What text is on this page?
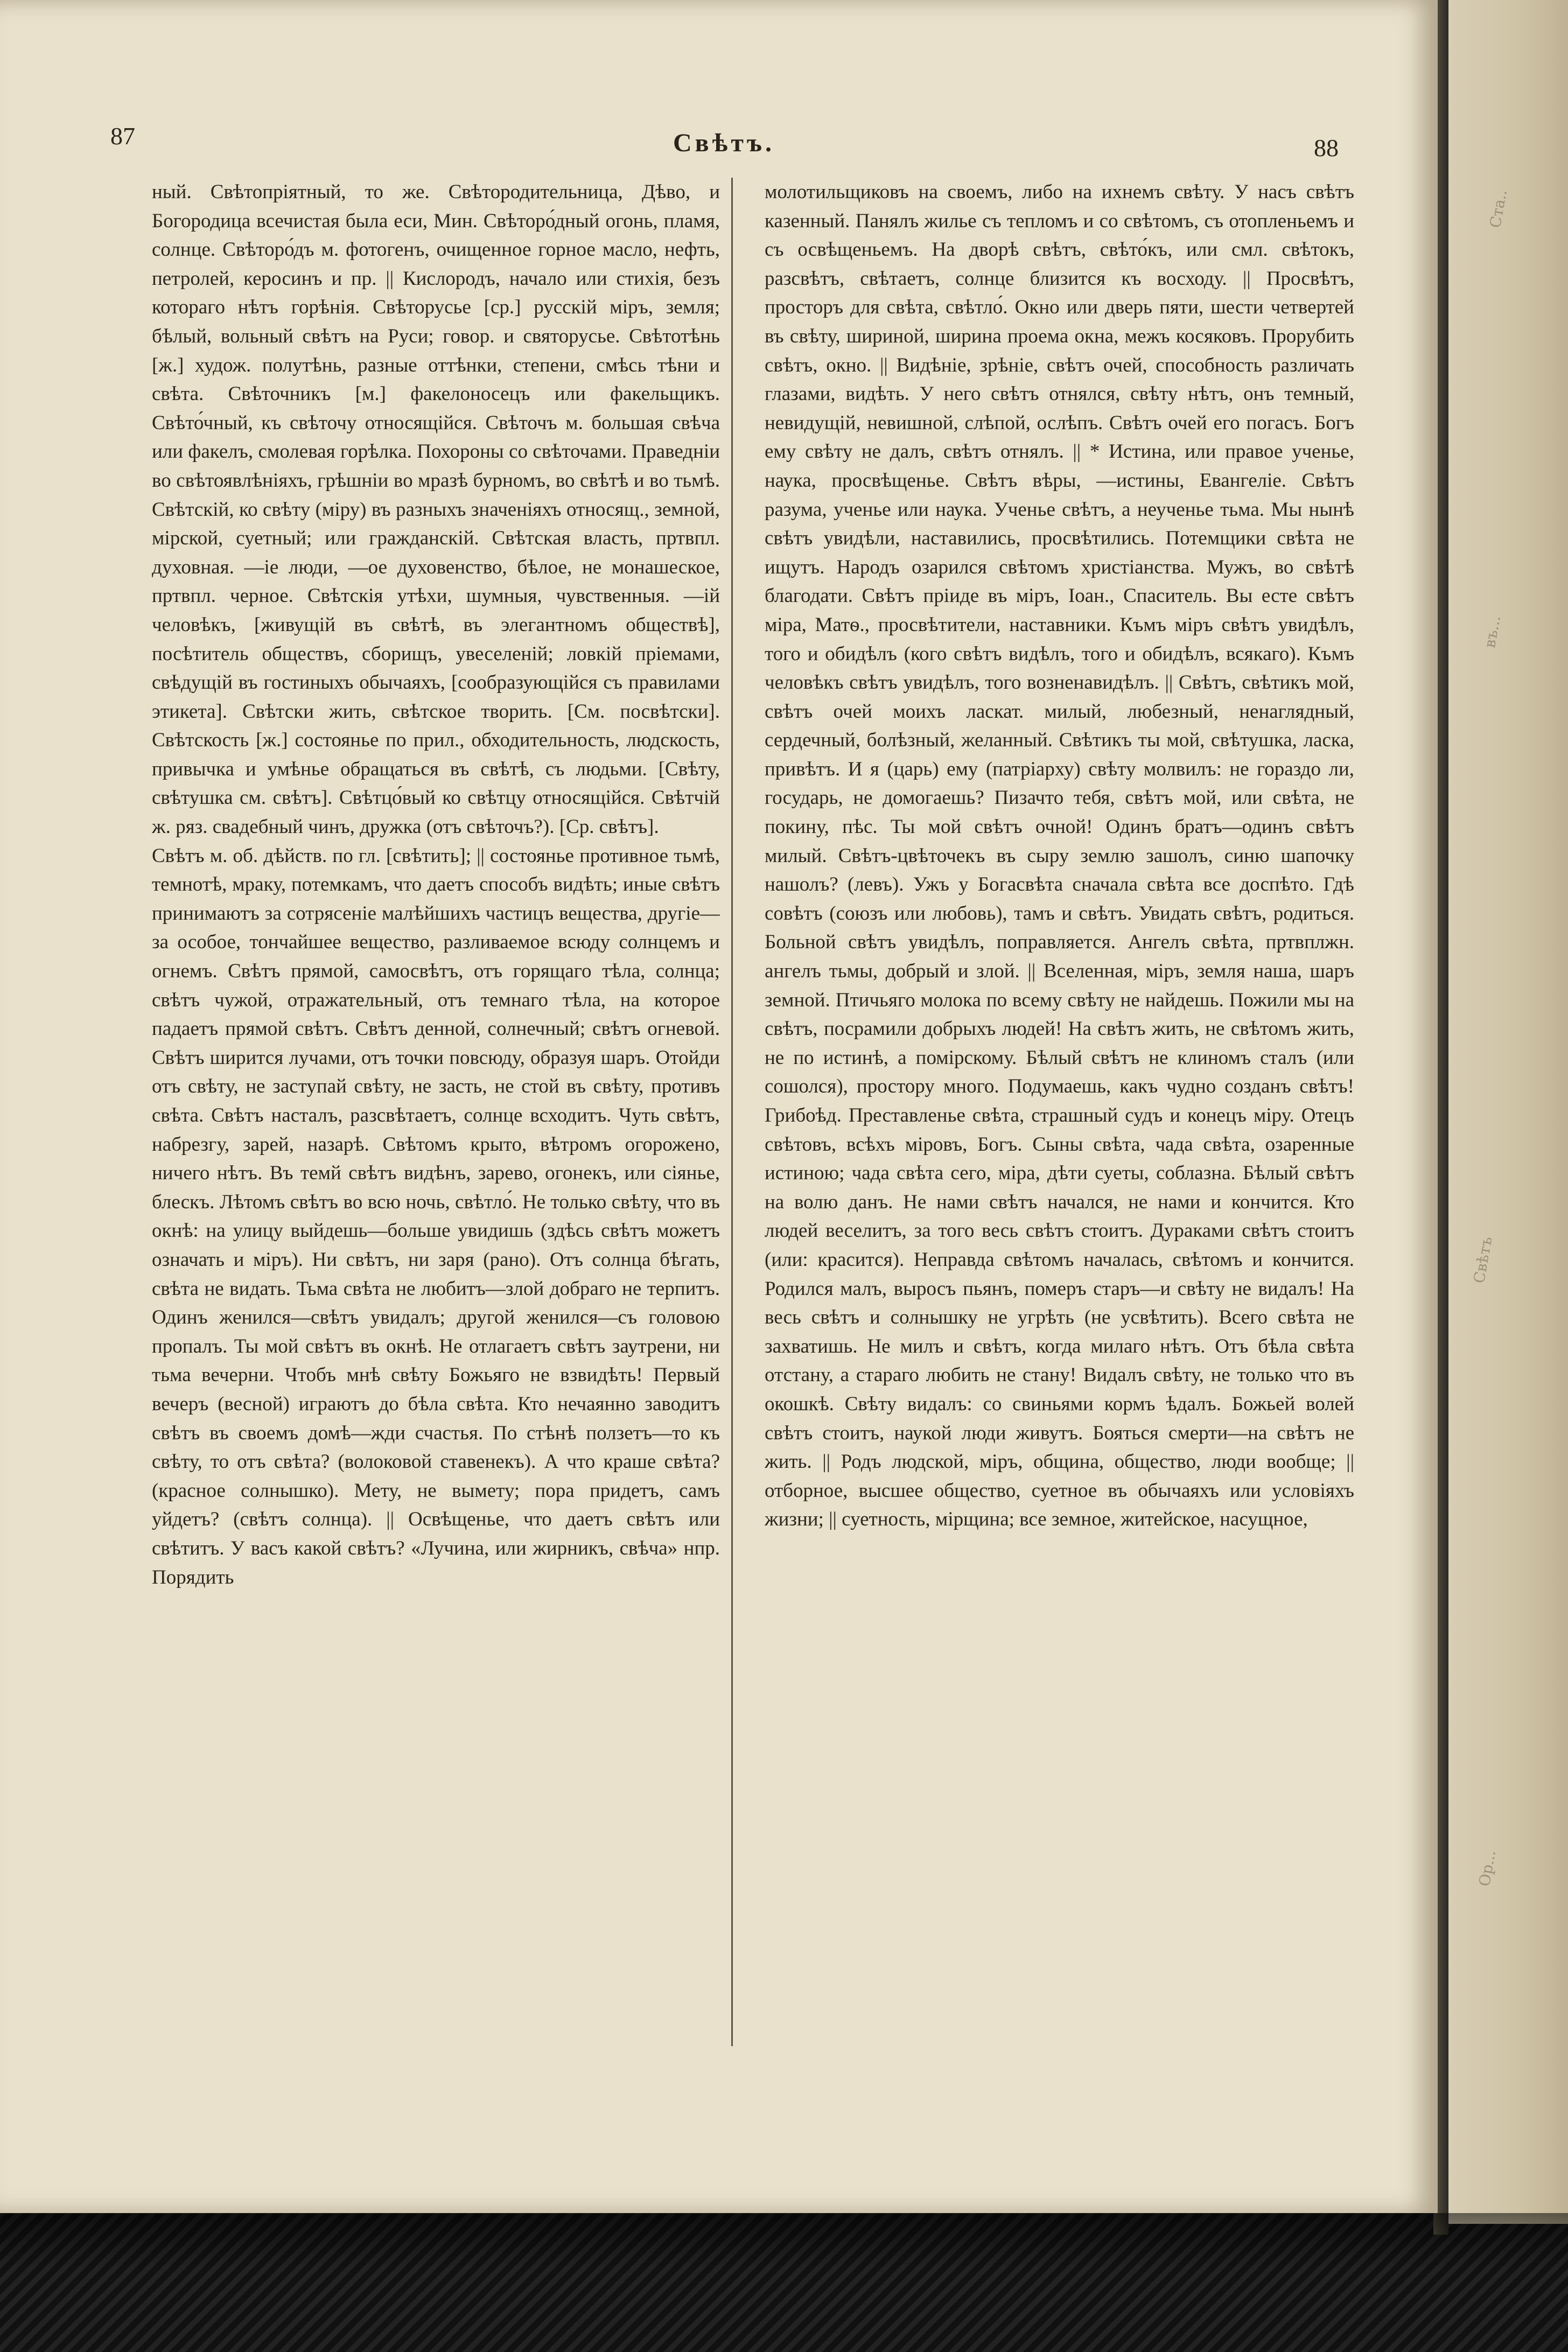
Свѣтъ
Ста..
въ...
Ор...
87	Свѣтъ.	88

ный. Свѣтопріятный, то же. Свѣтородительница, Дѣво, и Богородица всечистая была еси, Мин. Свѣторо́дный огонь, пламя, солнце. Свѣторо́дъ м. фотогенъ, очищенное горное масло, нефть, петролей, керосинъ и пр. || Кислородъ, начало или стихія, безъ котораго нѣтъ горѣнія. Свѣторусье [ср.] русскій міръ, земля; бѣлый, вольный свѣтъ на Руси; говор. и святорусье. Свѣтотѣнь [ж.] худож. полутѣнь, разные оттѣнки, степени, смѣсь тѣни и свѣта. Свѣточникъ [м.] факелоносецъ или факельщикъ. Свѣто́чный, къ свѣточу относящійся. Свѣточъ м. большая свѣча или факелъ, смолевая горѣлка. Похороны со свѣточами. Праведніи во свѣтоявлѣніяхъ, грѣшніи во мразѣ бурномъ, во свѣтѣ и во тьмѣ. Свѣтскій, ко свѣту (міру) въ разныхъ значеніяхъ относящ., земной, мірской, суетный; или гражданскій. Свѣтская власть, пртвпл. духовная. —іе люди, —ое духовенство, бѣлое, не монашеское, пртвпл. черное. Свѣтскія утѣхи, шумныя, чувственныя. —ій человѣкъ, [живущій въ свѣтѣ, въ элегантномъ обществѣ], посѣтитель обществъ, сборищъ, увеселеній; ловкій пріемами, свѣдущій въ гостиныхъ обычаяхъ, [сообразующійся съ правилами этикета]. Свѣтски жить, свѣтское творить. [См. посвѣтски]. Свѣтскость [ж.] состоянье по прил., обходительность, людскость, привычка и умѣнье обращаться въ свѣтѣ, съ людьми. [Свѣту, свѣтушка см. свѣтъ]. Свѣтцо́вый ко свѣтцу относящійся. Свѣтчій ж. ряз. свадебный чинъ, дружка (отъ свѣточъ?). [Ср. свѣтъ].
Свѣтъ м. об. дѣйств. по гл. [свѣтить]; || состоянье противное тьмѣ, темнотѣ, мраку, потемкамъ, что даетъ способъ видѣть; иные свѣтъ принимаютъ за сотрясеніе малѣйшихъ частицъ вещества, другіе—за особое, тончайшее вещество, разливаемое всюду солнцемъ и огнемъ. Свѣтъ прямой, самосвѣтъ, отъ горящаго тѣла, солнца; свѣтъ чужой, отражательный, отъ темнаго тѣла, на которое падаетъ прямой свѣтъ. Свѣтъ денной, солнечный; свѣтъ огневой. Свѣтъ ширится лучами, отъ точки повсюду, образуя шаръ. Отойди отъ свѣту, не заступай свѣту, не засть, не стой въ свѣту, противъ свѣта. Свѣтъ насталъ, разсвѣтаетъ, солнце всходитъ. Чуть свѣтъ, набрезгу, зарей, назарѣ. Свѣтомъ крыто, вѣтромъ огорожено, ничего нѣтъ. Въ темй свѣтъ видѣнъ, зарево, огонекъ, или сіянье, блескъ. Лѣтомъ свѣтъ во всю ночь, свѣтло́. Не только свѣту, что въ окнѣ: на улицу выйдешь—больше увидишь (здѣсь свѣтъ можетъ означать и міръ). Ни свѣтъ, ни заря (рано). Отъ солнца бѣгать, свѣта не видать. Тьма свѣта не любитъ—злой добраго не терпитъ. Одинъ женился—свѣтъ увидалъ; другой женился—съ головою пропалъ. Ты мой свѣтъ въ окнѣ. Не отлагаетъ свѣтъ заутрени, ни тьма вечерни. Чтобъ мнѣ свѣту Божьяго не взвидѣть! Первый вечеръ (весной) играютъ до бѣла свѣта. Кто нечаянно заводитъ свѣтъ въ своемъ домѣ—жди счастья. По стѣнѣ ползетъ—то къ свѣту, то отъ свѣта? (волоковой ставенекъ). А что краше свѣта? (красное солнышко). Мету, не вымету; пора придетъ, самъ уйдетъ? (свѣтъ солнца). || Освѣщенье, что даетъ свѣтъ или свѣтитъ. У васъ какой свѣтъ? «Лучина, или жирникъ, свѣча» нпр. Порядить

молотильщиковъ на своемъ, либо на ихнемъ свѣту. У насъ свѣтъ казенный. Панялъ жилье съ тепломъ и со свѣтомъ, съ отопленьемъ и съ освѣщеньемъ. На дворѣ свѣтъ, свѣто́къ, или смл. свѣтокъ, разсвѣтъ, свѣтаетъ, солнце близится къ восходу. || Просвѣтъ, просторъ для свѣта, свѣтло́. Окно или дверь пяти, шести четвертей въ свѣту, шириной, ширина проема окна, межъ косяковъ. Прорубить свѣтъ, окно. || Видѣніе, зрѣніе, свѣтъ очей, способность различать глазами, видѣть. У него свѣтъ отнялся, свѣту нѣтъ, онъ темный, невидущій, невишной, слѣпой, ослѣпъ. Свѣтъ очей его погасъ. Богъ ему свѣту не далъ, свѣтъ отнялъ. || * Истина, или правое ученье, наука, просвѣщенье. Свѣтъ вѣры, —истины, Евангеліе. Свѣтъ разума, ученье или наука. Ученье свѣтъ, а неученье тьма. Мы нынѣ свѣтъ увидѣли, наставились, просвѣтились. Потемщики свѣта не ищутъ. Народъ озарился свѣтомъ христіанства. Мужъ, во свѣтѣ благодати. Свѣтъ пріиде въ міръ, Іоан., Спаситель. Вы есте свѣтъ міра, Матѳ., просвѣтители, наставники. Къмъ міръ свѣтъ увидѣлъ, того и обидѣлъ (кого свѣтъ видѣлъ, того и обидѣлъ, всякаго). Къмъ человѣкъ свѣтъ увидѣлъ, того возненавидѣлъ. || Свѣтъ, свѣтикъ мой, свѣтъ очей моихъ ласкат. милый, любезный, ненаглядный, сердечный, болѣзный, желанный. Свѣтикъ ты мой, свѣтушка, ласка, привѣтъ. И я (царь) ему (патріарху) свѣту молвилъ: не гораздо ли, государь, не домогаешь? Пизачто тебя, свѣтъ мой, или свѣта, не покину, пѣс. Ты мой свѣтъ очной! Одинъ братъ—одинъ свѣтъ милый. Свѣтъ-цвѣточекъ въ сыру землю зашолъ, синю шапочку нашолъ? (левъ). Ужъ у Богасвѣта сначала свѣта все доспѣто. Гдѣ совѣтъ (союзъ или любовь), тамъ и свѣтъ. Увидать свѣтъ, родиться. Больной свѣтъ увидѣлъ, поправляется. Ангелъ свѣта, пртвплжн. ангелъ тьмы, добрый и злой. || Вселенная, міръ, земля наша, шаръ земной. Птичьяго молока по всему свѣту не найдешь. Пожили мы на свѣтъ, посрамили добрыхъ людей! На свѣтъ жить, не свѣтомъ жить, не по истинѣ, а помірскому. Бѣлый свѣтъ не клиномъ сталъ (или сошолся), простору много. Подумаешь, какъ чудно созданъ свѣтъ! Грибоѣд. Преставленье свѣта, страшный судъ и конецъ міру. Отецъ свѣтовъ, всѣхъ міровъ, Богъ. Сыны свѣта, чада свѣта, озаренные истиною; чада свѣта сего, міра, дѣти суеты, соблазна. Бѣлый свѣтъ на волю данъ. Не нами свѣтъ начался, не нами и кончится. Кто людей веселитъ, за того весь свѣтъ стоитъ. Дураками свѣтъ стоитъ (или: красится). Неправда свѣтомъ началась, свѣтомъ и кончится. Родился малъ, выросъ пьянъ, померъ старъ—и свѣту не видалъ! На весь свѣтъ и солнышку не угрѣть (не усвѣтить). Всего свѣта не захватишь. Не милъ и свѣтъ, когда милаго нѣтъ. Отъ бѣла свѣта отстану, а стараго любить не стану! Видалъ свѣту, не только что въ окошкѣ. Свѣту видалъ: со свиньями кормъ ѣдалъ. Божьей волей свѣтъ стоитъ, наукой люди живутъ. Бояться смерти—на свѣтъ не жить. || Родъ людской, міръ, община, общество, люди вообще; || отборное, высшее общество, суетное въ обычаяхъ или условіяхъ жизни; || суетность, мірщина; все земное, житейское, насущное,
